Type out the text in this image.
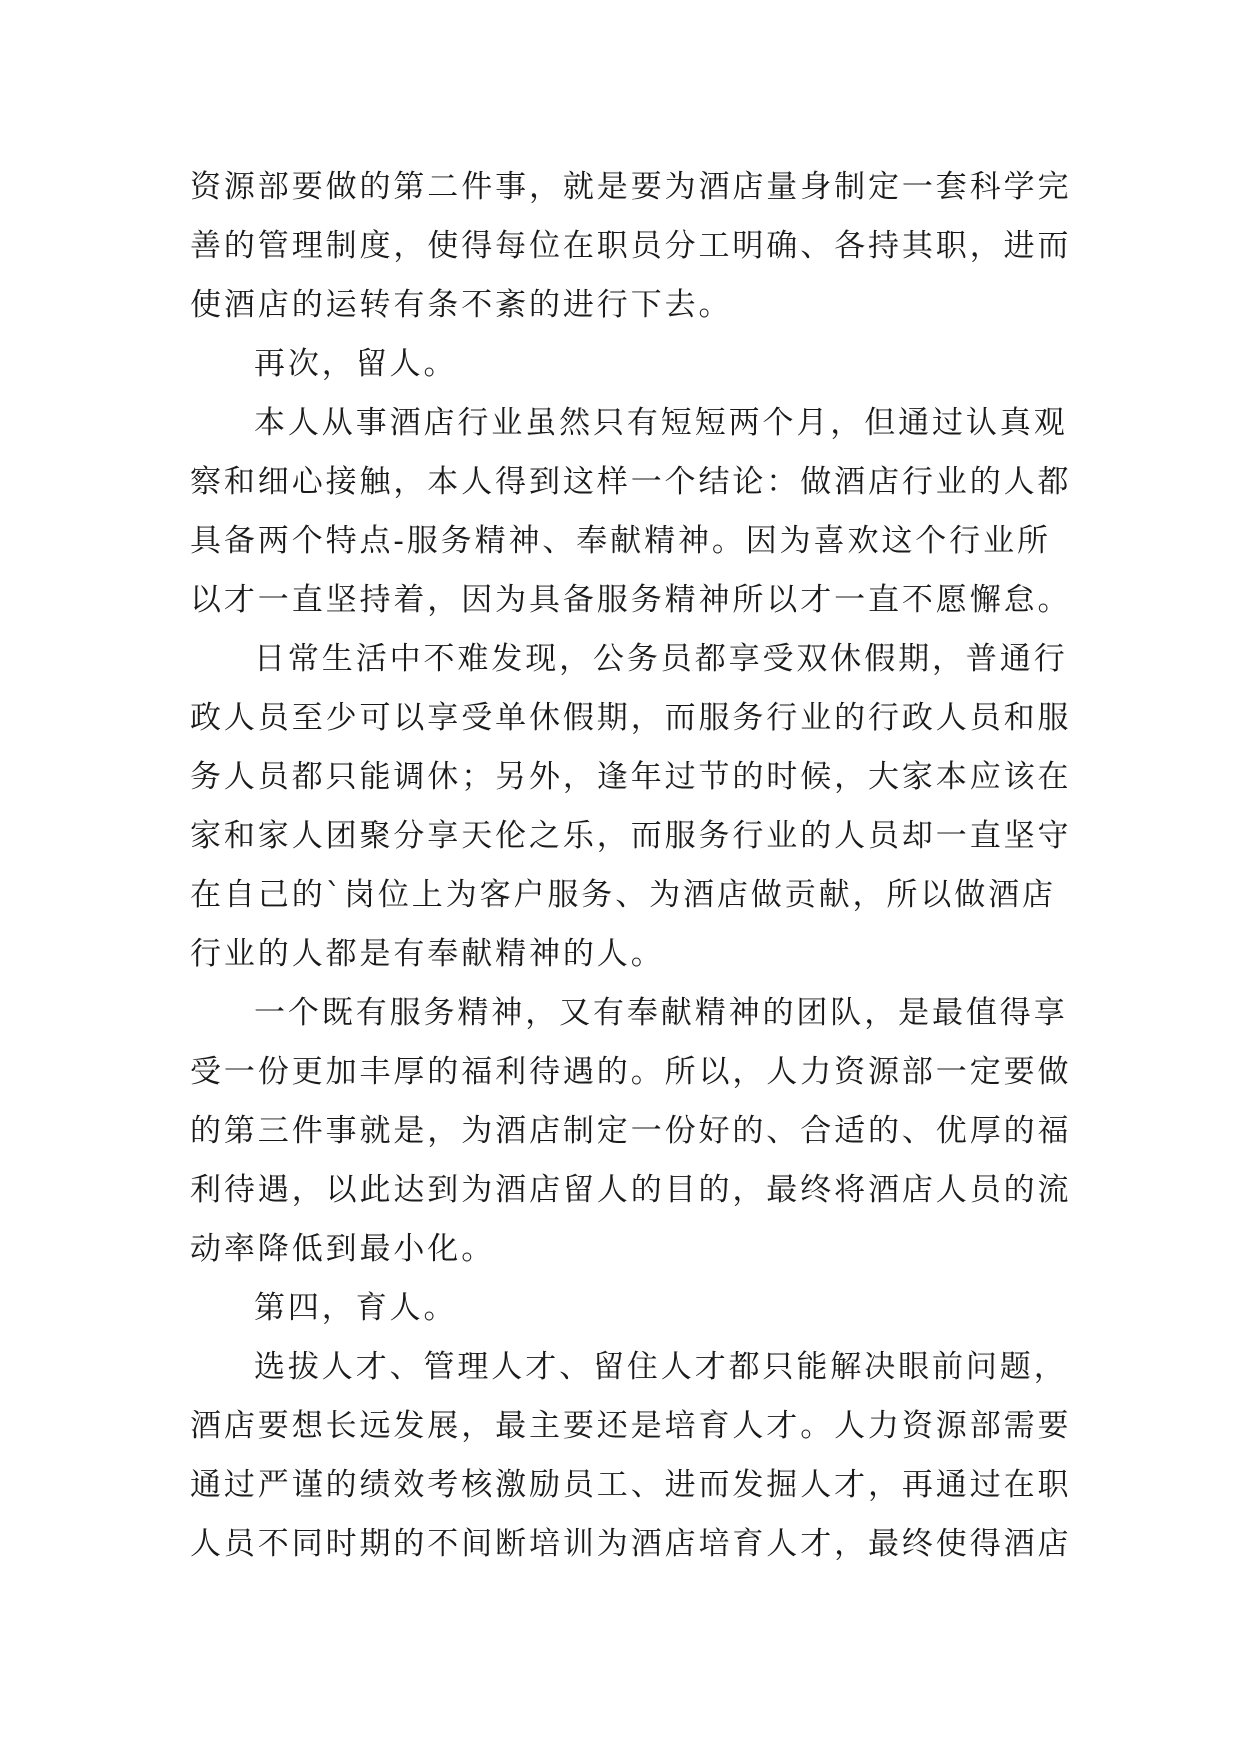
资源部要做的第二件事，就是要为酒店量身制定一套科学完
善的管理制度，使得每位在职员分工明确、各持其职，进而
使酒店的运转有条不紊的进行下去。
再次，留人。
本人从事酒店行业虽然只有短短两个月，但通过认真观
察和细心接触，本人得到这样一个结论：做酒店行业的人都
具备两个特点-服务精神、奉献精神。因为喜欢这个行业所
以才一直坚持着，因为具备服务精神所以才一直不愿懈怠。
日常生活中不难发现，公务员都享受双休假期，普通行
政人员至少可以享受单休假期，而服务行业的行政人员和服
务人员都只能调休；另外，逢年过节的时候，大家本应该在
家和家人团聚分享天伦之乐，而服务行业的人员却一直坚守
在自己的`岗位上为客户服务、为酒店做贡献，所以做酒店
行业的人都是有奉献精神的人。
一个既有服务精神，又有奉献精神的团队，是最值得享
受一份更加丰厚的福利待遇的。所以，人力资源部一定要做
的第三件事就是，为酒店制定一份好的、合适的、优厚的福
利待遇，以此达到为酒店留人的目的，最终将酒店人员的流
动率降低到最小化。
第四，育人。
选拔人才、管理人才、留住人才都只能解决眼前问题，
酒店要想长远发展，最主要还是培育人才。人力资源部需要
通过严谨的绩效考核激励员工、进而发掘人才，再通过在职
人员不同时期的不间断培训为酒店培育人才，最终使得酒店
